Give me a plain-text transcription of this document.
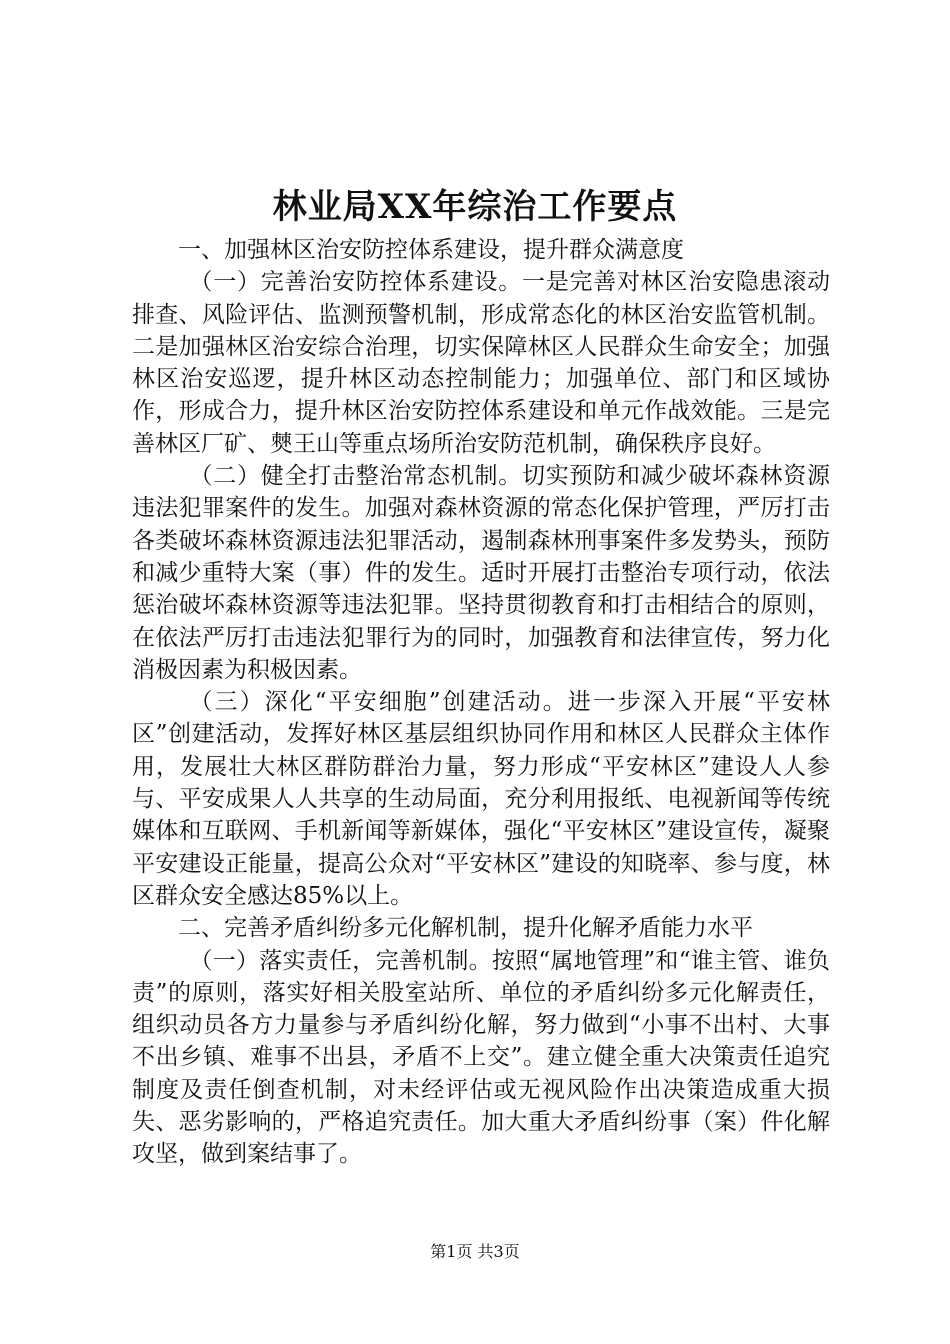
林业局XX年综治工作要点

一、加强林区治安防控体系建设，提升群众满意度

（一）完善治安防控体系建设。一是完善对林区治安隐患滚动排查、风险评估、监测预警机制，形成常态化的林区治安监管机制。二是加强林区治安综合治理，切实保障林区人民群众生命安全；加强林区治安巡逻，提升林区动态控制能力；加强单位、部门和区域协作，形成合力，提升林区治安防控体系建设和单元作战效能。三是完善林区厂矿、僰王山等重点场所治安防范机制，确保秩序良好。

（二）健全打击整治常态机制。切实预防和减少破坏森林资源违法犯罪案件的发生。加强对森林资源的常态化保护管理，严厉打击各类破坏森林资源违法犯罪活动，遏制森林刑事案件多发势头，预防和减少重特大案（事）件的发生。适时开展打击整治专项行动，依法惩治破坏森林资源等违法犯罪。坚持贯彻教育和打击相结合的原则，在依法严厉打击违法犯罪行为的同时，加强教育和法律宣传，努力化消极因素为积极因素。

（三）深化“平安细胞”创建活动。进一步深入开展“平安林区”创建活动，发挥好林区基层组织协同作用和林区人民群众主体作用，发展壮大林区群防群治力量，努力形成“平安林区”建设人人参与、平安成果人人共享的生动局面，充分利用报纸、电视新闻等传统媒体和互联网、手机新闻等新媒体，强化“平安林区”建设宣传，凝聚平安建设正能量，提高公众对“平安林区”建设的知晓率、参与度，林区群众安全感达85%以上。

二、完善矛盾纠纷多元化解机制，提升化解矛盾能力水平

（一）落实责任，完善机制。按照“属地管理”和“谁主管、谁负责”的原则，落实好相关股室站所、单位的矛盾纠纷多元化解责任，组织动员各方力量参与矛盾纠纷化解，努力做到“小事不出村、大事不出乡镇、难事不出县，矛盾不上交”。建立健全重大决策责任追究制度及责任倒查机制，对未经评估或无视风险作出决策造成重大损失、恶劣影响的，严格追究责任。加大重大矛盾纠纷事（案）件化解攻坚，做到案结事了。

第1页 共3页
